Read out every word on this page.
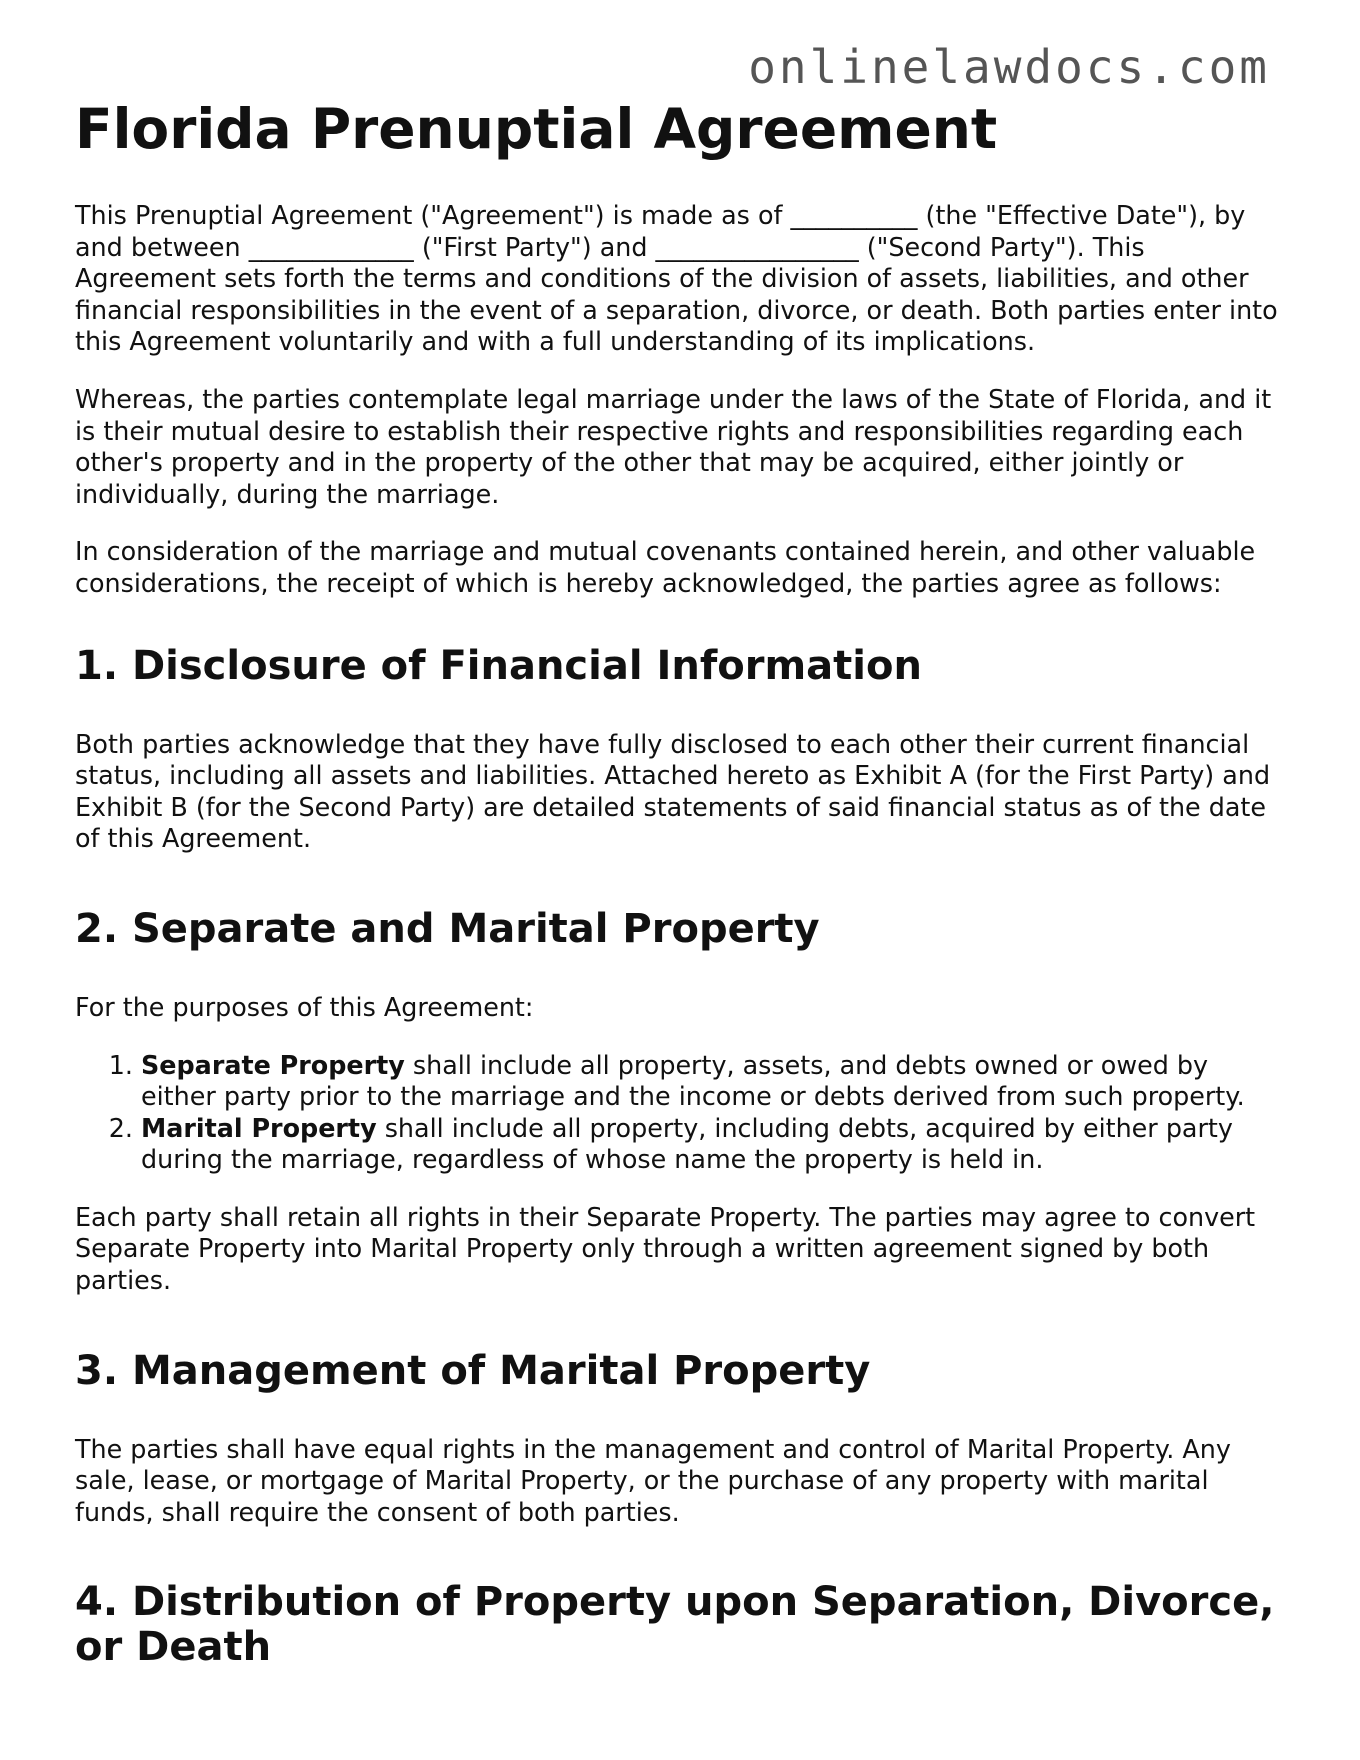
onlinelawdocs.com
Florida Prenuptial Agreement

This Prenuptial Agreement ("Agreement") is made as of __________ (the "Effective Date"), by and between _____________ ("First Party") and ________________ ("Second Party"). This Agreement sets forth the terms and conditions of the division of assets, liabilities, and other financial responsibilities in the event of a separation, divorce, or death. Both parties enter into this Agreement voluntarily and with a full understanding of its implications.

Whereas, the parties contemplate legal marriage under the laws of the State of Florida, and it is their mutual desire to establish their respective rights and responsibilities regarding each other's property and in the property of the other that may be acquired, either jointly or individually, during the marriage.

In consideration of the marriage and mutual covenants contained herein, and other valuable considerations, the receipt of which is hereby acknowledged, the parties agree as follows:

1. Disclosure of Financial Information

Both parties acknowledge that they have fully disclosed to each other their current financial status, including all assets and liabilities. Attached hereto as Exhibit A (for the First Party) and Exhibit B (for the Second Party) are detailed statements of said financial status as of the date of this Agreement.

2. Separate and Marital Property

For the purposes of this Agreement:

1. Separate Property shall include all property, assets, and debts owned or owed by either party prior to the marriage and the income or debts derived from such property.
2. Marital Property shall include all property, including debts, acquired by either party during the marriage, regardless of whose name the property is held in.

Each party shall retain all rights in their Separate Property. The parties may agree to convert Separate Property into Marital Property only through a written agreement signed by both parties.

3. Management of Marital Property

The parties shall have equal rights in the management and control of Marital Property. Any sale, lease, or mortgage of Marital Property, or the purchase of any property with marital funds, shall require the consent of both parties.

4. Distribution of Property upon Separation, Divorce, or Death
